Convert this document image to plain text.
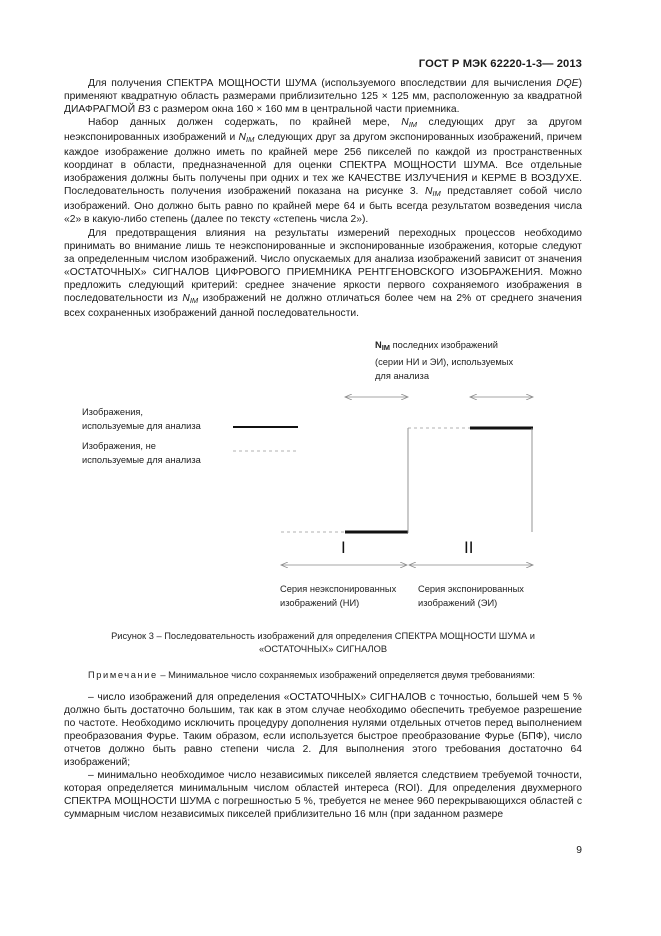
ГОСТ Р МЭК 62220-1-3— 2013

Для получения СПЕКТРА МОЩНОСТИ ШУМА (используемого впоследствии для вычисления DQE) применяют квадратную область размерами приблизительно 125 × 125 мм, расположенную за квадратной ДИАФРАГМОЙ B3 с размером окна 160 × 160 мм в центральной части приемника.

Набор данных должен содержать, по крайней мере, $N_{IM}$ следующих друг за другом неэкспонированных изображений и $N_{IM}$ следующих друг за другом экспонированных изображений, причем каждое изображение должно иметь по крайней мере 256 пикселей по каждой из пространственных координат в области, предназначенной для оценки СПЕКТРА МОЩНОСТИ ШУМА. Все отдельные изображения должны быть получены при одних и тех же КАЧЕСТВЕ ИЗЛУЧЕНИЯ и КЕРМЕ В ВОЗДУХЕ. Последовательность получения изображений показана на рисунке 3. $N_{IM}$ представляет собой число изображений. Оно должно быть равно по крайней мере 64 и быть всегда результатом возведения числа «2» в какую-либо степень (далее по тексту «степень числа 2»).

Для предотвращения влияния на результаты измерений переходных процессов необходимо принимать во внимание лишь те неэкспонированные и экспонированные изображения, которые следуют за определенным числом изображений. Число опускаемых для анализа изображений зависит от значения «ОСТАТОЧНЫХ» СИГНАЛОВ ЦИФРОВОГО ПРИЕМНИКА РЕНТГЕНОВСКОГО ИЗОБРАЖЕНИЯ. Можно предложить следующий критерий: среднее значение яркости первого сохраняемого изображения в последовательности из $N_{IM}$ изображений не должно отличаться более чем на 2% от среднего значения всех сохраненных изображений данной последовательности.

$N_{IM}$ последних изображений
(серии НИ и ЭИ), используемых
для анализа
Изображения,
используемые для анализа
Изображения, не
используемые для анализа
I	II
Серия неэкспонированных
изображений (НИ)
Серия экспонированных
изображений (ЭИ)
Рисунок 3 – Последовательность изображений для определения СПЕКТРА МОЩНОСТИ ШУМА и
«ОСТАТОЧНЫХ» СИГНАЛОВ
Примечание – Минимальное число сохраняемых изображений определяется двумя требованиями:

– число изображений для определения «ОСТАТОЧНЫХ» СИГНАЛОВ с точностью, большей чем 5 % должно быть достаточно большим, так как в этом случае необходимо обеспечить требуемое разрешение по частоте. Необходимо исключить процедуру дополнения нулями отдельных отчетов перед выполнением преобразования Фурье. Таким образом, если используется быстрое преобразование Фурье (БПФ), число отчетов должно быть равно степени числа 2. Для выполнения этого требования достаточно 64 изображений;

– минимально необходимое число независимых пикселей является следствием требуемой точности, которая определяется минимальным числом областей интереса (ROI). Для определения двухмерного СПЕКТРА МОЩНОСТИ ШУМА с погрешностью 5 %, требуется не менее 960 перекрывающихся областей с суммарным числом независимых пикселей приблизительно 16 млн (при заданном размере

9
